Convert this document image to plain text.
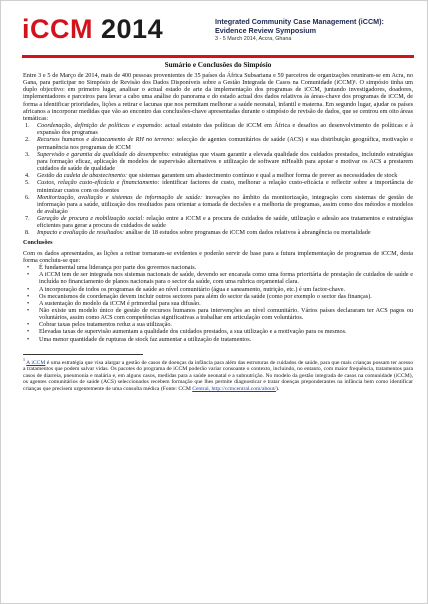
iCCM 2014	Integrated Community Case Management (iCCM):
Evidence Review Symposium
3 - 5 March 2014, Accra, Ghana
Sumário e Conclusões do Simpósio
Entre 3 e 5 de Março de 2014, mais de 400 pessoas provenientes de 35 países da África Subsariana e 59 parceiros de organizações reuniram-se em Acra, no Gana, para participar no Simpósio de Revisão dos Dados Disponíveis sobre a Gestão Integrada de Casos na Comunidade (iCCM)¹. O simpósio tinha um duplo objectivo: em primeiro lugar, analisar o actual estado de arte da implementação dos programas de iCCM, juntando investigadores, doadores, implementadores e parceiros para levar a cabo uma análise do panorama e do estado actual dos dados relativos às áreas-chave dos programas de iCCM, de forma a identificar prioridades, lições a retirar e lacunas que nos permitam melhorar a saúde neonatal, infantil e materna. Em segundo lugar, ajudar os países africanos a incorporar medidas que vão ao encontro das conclusões-chave apresentadas durante o simpósio de revisão de dados, que se centrou em oito áreas temáticas:
1.	Coordenação, definição de políticas e expansão: actual estatuto das políticas de iCCM em África e desafios ao desenvolvimento de políticas e à expansão dos programas
2.	Recursos humanos e destacamento de RH no terreno: selecção de agentes comunitários de saúde (ACS) e sua distribuição geográfica, motivação e permanência nos programas de iCCM
3.	Supervisão e garantia da qualidade do desempenho: estratégias que visam garantir a elevada qualidade dos cuidados prestados, incluindo estratégias para formação eficaz, aplicação de modelos de supervisão alternativos e utilização de software mHealth para apoiar e motivar os ACS a prestarem cuidados de saúde de qualidade
4.	Gestão da cadeia de abastecimento: que sistemas garantem um abastecimento contínuo e qual a melhor forma de prever as necessidades de stock
5.	Custos, relação custo-eficácia e financiamento: identificar factores de custo, melhorar a relação custo-eficácia e reflectir sobre a importância de minimizar custos com os doentes
6.	Monitorização, avaliação e sistemas de informação de saúde: inovações no âmbito da monitorização, integração com sistemas de gestão de informação para a saúde, utilização dos resultados para orientar a tomada de decisões e a melhoria de programas, assim como dos métodos e modelos de avaliação
7.	Geração de procura e mobilização social: relação entre a iCCM e a procura de cuidados de saúde, utilização e adesão aos tratamentos e estratégias eficientes para gerar a procura de cuidados de saúde
8.	Impacto e avaliação de resultados: análise de 18 estudos sobre programas de iCCM com dados relativos à abrangência ou mortalidade
Conclusões
Com os dados apresentados, as lições a retirar tornaram-se evidentes e poderão servir de base para a futura implementação de programas de iCCM, desta forma concluiu-se que:
•	É fundamental uma liderança por parte dos governos nacionais.
•	A iCCM tem de ser integrada nos sistemas nacionais de saúde, devendo ser encarada como uma forma prioritária de prestação de cuidados de saúde e incluída no financiamento de planos nacionais para o sector da saúde, com uma rubrica orçamental clara.
•	A incorporação de todos os programas de saúde ao nível comunitário (água e saneamento, nutrição, etc.) é um factor-chave.
•	Os mecanismos de coordenação devem incluir outros sectores para além do sector da saúde (como por exemplo o sector das finanças).
•	A sustentação do modelo da iCCM é primordial para sua difusão.
•	Não existe um modelo único de gestão de recursos humanos para intervenções ao nível comunitário. Vários países declararam ter ACS pagos ou voluntários, assim como ACS com competências significativas a trabalhar em articulação com voluntários.
•	Cobrar taxas pelos tratamentos reduz a sua utilização.
•	Elevadas taxas de supervisão aumentam a qualidade dos cuidados prestados, a sua utilização e a motivação para os mesmos.
•	Uma menor quantidade de rupturas de stock faz aumentar a utilização de tratamentos.
$^1$ A iCCM é uma estratégia que visa alargar a gestão de casos de doenças da infância para além das estruturas de cuidados de saúde, para que mais crianças possam ter acesso a tratamentos que podem salvar vidas. Os pacotes do programa de iCCM poderão variar consoante o contexto, incluindo, no entanto, com maior frequência, tratamentos para casos de diarreia, pneumonia e malária e, em alguns casos, medidas para a saúde neonatal e a subnutrição. No modelo da gestão integrada de casos na comunidade (iCCM), os agentes comunitários de saúde (ACS) seleccionados recebem formação que lhes permite diagnosticar e tratar doenças preponderantes na infância bem como identificar crianças que precisem urgentemente de uma consulta médica (Fonte: CCM Central, http://ccmcentral.com/about/).
